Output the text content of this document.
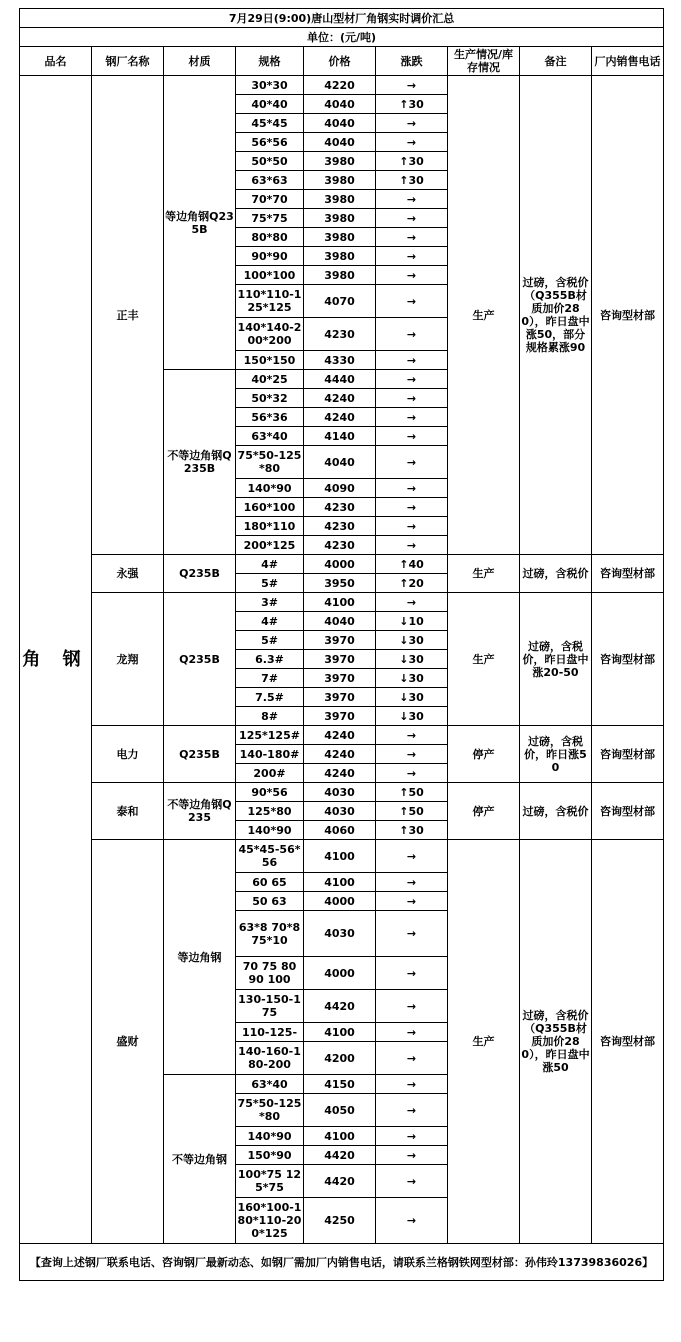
7月29日(9:00)唐山型材厂角钢实时调价汇总								
单位：(元/吨)								
品名	钢厂名称	材质	规格	价格	涨跌	生产情况/库存情况	备注	厂内销售电话
角 钢	正丰	等边角钢Q235B	30*30	4220	→	生产	过磅，含税价（Q355B材质加价280），昨日盘中涨50，部分规格累涨90	咨询型材部
			40*40	4040	↑30			
			45*45	4040	→			
			56*56	4040	→			
			50*50	3980	↑30			
			63*63	3980	↑30			
			70*70	3980	→			
			75*75	3980	→			
			80*80	3980	→			
			90*90	3980	→			
			100*100	3980	→			
			110*110-125*125	4070	→			
			140*140-200*200	4230	→			
			150*150	4330	→			
		不等边角钢Q235B	40*25	4440	→			
			50*32	4240	→			
			56*36	4240	→			
			63*40	4140	→			
			75*50-125*80	4040	→			
			140*90	4090	→			
			160*100	4230	→			
			180*110	4230	→			
			200*125	4230	→			
	永强	Q235B	4#	4000	↑40	生产	过磅，含税价	咨询型材部
			5#	3950	↑20			
	龙翔	Q235B	3#	4100	→	生产	过磅，含税价，昨日盘中涨20-50	咨询型材部
			4#	4040	↓10			
			5#	3970	↓30			
			6.3#	3970	↓30			
			7#	3970	↓30			
			7.5#	3970	↓30			
			8#	3970	↓30			
	电力	Q235B	125*125#	4240	→	停产	过磅，含税价，昨日涨50	咨询型材部
			140-180#	4240	→			
			200#	4240	→			
	泰和	不等边角钢Q235	90*56	4030	↑50	停产	过磅，含税价	咨询型材部
			125*80	4030	↑50			
			140*90	4060	↑30			
	盛财	等边角钢	45*45-56*56	4100	→	生产	过磅，含税价（Q355B材质加价280），昨日盘中涨50	咨询型材部
			60 65	4100	→			
			50 63	4000	→			
			63*8 70*8 75*10	4030	→			
			70 75 80 90 100	4000	→			
			130-150-175	4420	→			
			110-125-	4100	→			
			140-160-180-200	4200	→			
		不等边角钢	63*40	4150	→			
			75*50-125*80	4050	→			
			140*90	4100	→			
			150*90	4420	→			
			100*75 125*75	4420	→			
			160*100-180*110-200*125	4250	→			
【查询上述钢厂联系电话、咨询钢厂最新动态、如钢厂需加厂内销售电话，请联系兰格钢铁网型材部：孙伟玲13739836026】								
